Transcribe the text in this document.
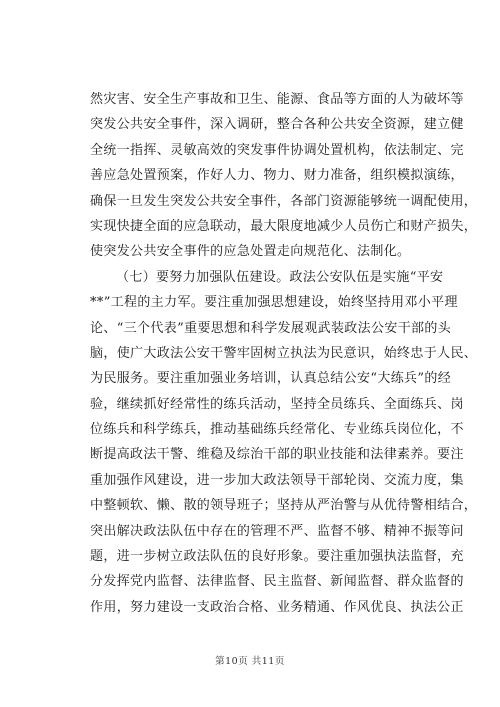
然灾害、安全生产事故和卫生、能源、食品等方面的人为破坏等
突发公共安全事件，深入调研，整合各种公共安全资源，建立健
全统一指挥、灵敏高效的突发事件协调处置机构，依法制定、完
善应急处置预案，作好人力、物力、财力准备，组织模拟演练，
确保一旦发生突发公共安全事件，各部门资源能够统一调配使用，
实现快捷全面的应急联动，最大限度地减少人员伤亡和财产损失，
使突发公共安全事件的应急处置走向规范化、法制化。
（七）要努力加强队伍建设。政法公安队伍是实施“平安
**”工程的主力军。要注重加强思想建设，始终坚持用邓小平理
论、“三个代表”重要思想和科学发展观武装政法公安干部的头
脑，使广大政法公安干警牢固树立执法为民意识，始终忠于人民、
为民服务。要注重加强业务培训，认真总结公安“大练兵”的经
验，继续抓好经常性的练兵活动，坚持全员练兵、全面练兵、岗
位练兵和科学练兵，推动基础练兵经常化、专业练兵岗位化，不
断提高政法干警、维稳及综治干部的职业技能和法律素养。要注
重加强作风建设，进一步加大政法领导干部轮岗、交流力度，集
中整顿软、懒、散的领导班子；坚持从严治警与从优待警相结合，
突出解决政法队伍中存在的管理不严、监督不够、精神不振等问
题，进一步树立政法队伍的良好形象。要注重加强执法监督，充
分发挥党内监督、法律监督、民主监督、新闻监督、群众监督的
作用，努力建设一支政治合格、业务精通、作风优良、执法公正
第10页 共11页
